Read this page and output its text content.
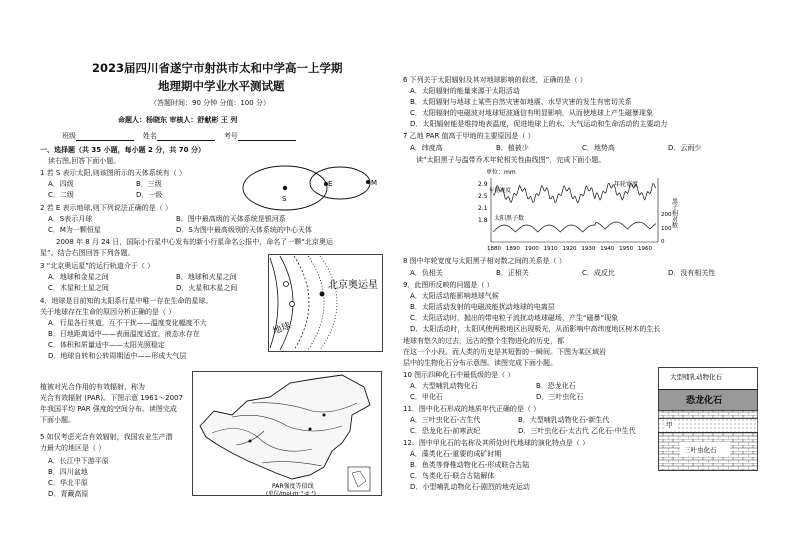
2023届四川省遂宁市射洪市太和中学高一上学期
地理期中学业水平测试题
（答题时间：90 分钟 分值：100 分）
命题人：杨晓东 审核人：舒献彬 王 列
班级	姓名	考号
一、选择题（共 35 小题，每小题 2 分，共 70 分）
读右图,回答下面小题。
1 若 S 表示太阳,则该图所示的天体系统有（ ）
A．四级	B．三级
C．二级	D．一级
2 若 E 表示地球,则下列说法正确的是（ ）
A．S表示月球	B．图中最高级的天体系统是银河系
C．M为一颗恒星	D．S为图中最高级别的天体系统的中心天体
2008 年 8 月 24 日，国际小行星中心发布的新小行星命名公报中，命名了一颗“北京奥运
星”。结合右图回答下列各题。
3 “北京奥运星”的运行轨道介于（ ）
A．地球和金星之间	B．地球和火星之间
C．木星和土星之间	D．火星和木星之间
4．地球是目前知的太阳系行星中唯一存在生命的星球。
关于地球存在生命的原因分析正确的是（ ）
A．行星各行其道，互不干扰——温度变化幅度不大
B．日地距离适中——表面温度适宜，液态水存在
C．体积和质量适中——太阳光照稳定
D．地球自转和公转周期适中——形成大气层
植被对光合作用的有效辐射，称为
光合有效辐射 (PAR)。下图示意 1961～2007
年我国平均 PAR 强度的空间分布。读图完成
下面小题。
5 如仅考虑光合有效辐射，我国农业生产潜
力最大的地区是（ ）
A．长江中下游平原
B．四川盆地
C．华北平原
D．青藏高原
S
E	M
北京奥运星
地球
PAR强度等值线
(单位/mol·m⁻²·d⁻¹)
6 下列关于太阳辐射及其对地球影响的叙述，正确的是（ ）
A．太阳辐射的能量来源于太阳活动
B．太阳辐射与地球上某些自然灾害如地震、水旱灾害的发生有密切关系
C．太阳辐射的电磁波对地球短波通信有明显影响，从而使地球上产生磁暴现象
D．太阳辐射能是维持地表温度，促进地球上的水、大气运动和生命活动的主要动力
7 乙地 PAR 值高于甲地的主要原因是（ ）
A．纬度高	B．植被少	C．地势高	D．云雨少
读“太阳黑子与温带乔木年轮相关性曲线图”，完成下面小题。
单位：mm
2.9
2.5
2.1
1.8
年轮宽度
年轮宽度
太阳黑子数	200
100
0
黑子相对数
1880 1890 1900 1910 1920 1930 1940 1950 1960
8 图中年轮宽度与太阳黑子相对数之间的关系是（ ）
A．负相关	B．正相关	C．成反比	D．没有相关性
9．此图所反映的问题是（ ）
A．太阳活动能影响地球气候
B．太阳活动发射的电磁波能扰动地球的电离层
C．太阳活动时，抛出的带电粒子流扰动地球磁场，产生“磁暴”现象
D．太阳活动时，太阳风使两极地区出现极光，从而影响中高纬度地区树木的生长
地球有悠久的过去，远古的整个生物进化的历史，都
在这一个小段。而人类的历史是其短暂的一瞬间。下图为某区域岩
层中的生物化石分布示意图。读图完成下面小题。
10 图示四种化石中最低级的是（ ）
A．大型哺乳动物化石	B．恐龙化石
C．甲化石	D．三叶虫化石
11．图中化石形成的地质年代正确的是（ ）
A．三叶虫化石-古生代	B．大型哺乳动物化石-新生代
C．恐龙化石-前寒武纪	D．三叶虫化石-太古代 乙化石-中生代
12．图中甲化石的名称及其所处时代地球的演化特点是（ ）
A．藻类化石-重要的成矿时期
B．鱼类等脊椎动物化石-形成联合古陆
C．鸟类化石-联合古陆解体
D．小型哺乳动物化石-剧烈的地壳运动
大型哺乳动物化石
恐龙化石
甲
三叶虫化石
